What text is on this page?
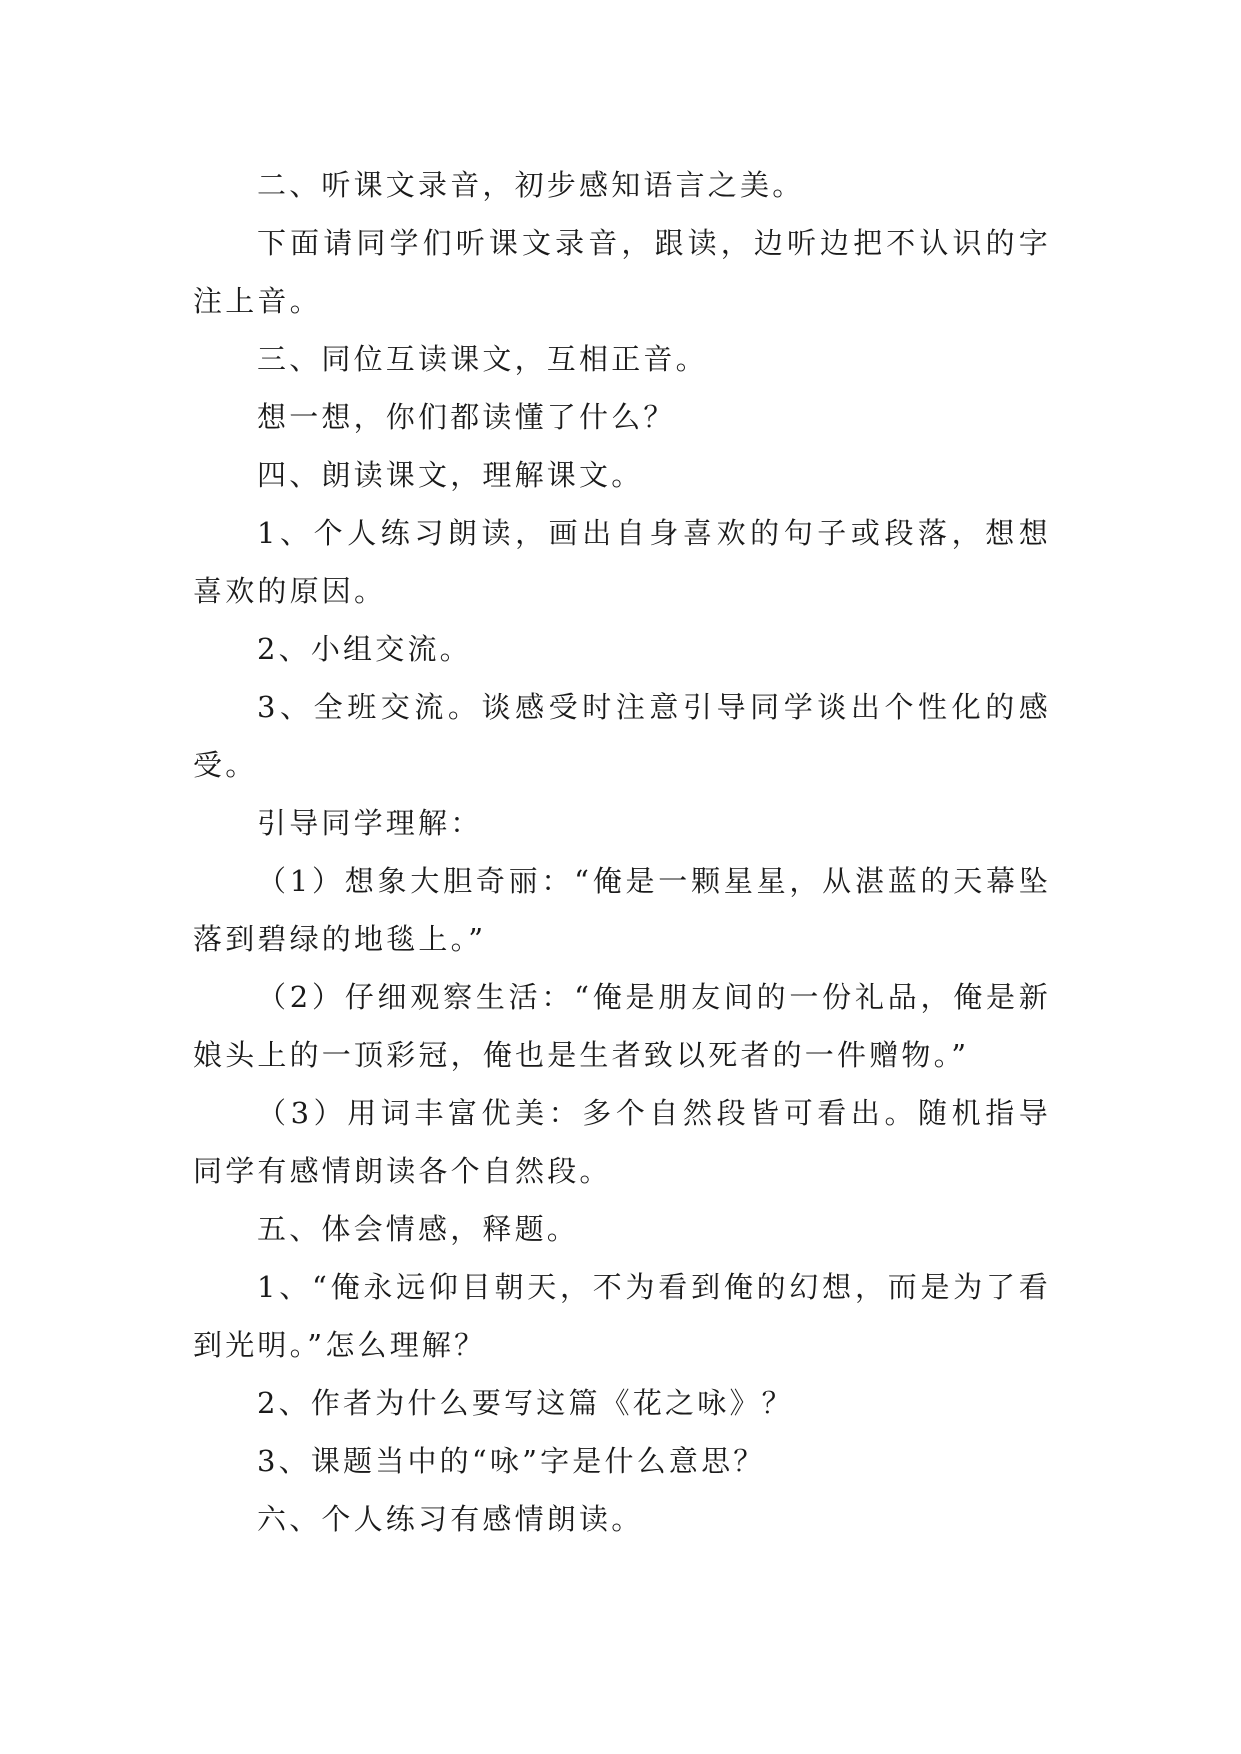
二、听课文录音，初步感知语言之美。

下面请同学们听课文录音，跟读，边听边把不认识的字注上音。

三、同位互读课文，互相正音。

想一想，你们都读懂了什么？

四、朗读课文，理解课文。

1、个人练习朗读，画出自身喜欢的句子或段落，想想喜欢的原因。

2、小组交流。

3、全班交流。谈感受时注意引导同学谈出个性化的感受。

引导同学理解：

（1）想象大胆奇丽：“俺是一颗星星，从湛蓝的天幕坠落到碧绿的地毯上。”

（2）仔细观察生活：“俺是朋友间的一份礼品，俺是新娘头上的一顶彩冠，俺也是生者致以死者的一件赠物。”

（3）用词丰富优美：多个自然段皆可看出。随机指导同学有感情朗读各个自然段。

五、体会情感，释题。

1、“俺永远仰目朝天，不为看到俺的幻想，而是为了看到光明。”怎么理解？

2、作者为什么要写这篇《花之咏》？

3、课题当中的“咏”字是什么意思？

六、个人练习有感情朗读。
